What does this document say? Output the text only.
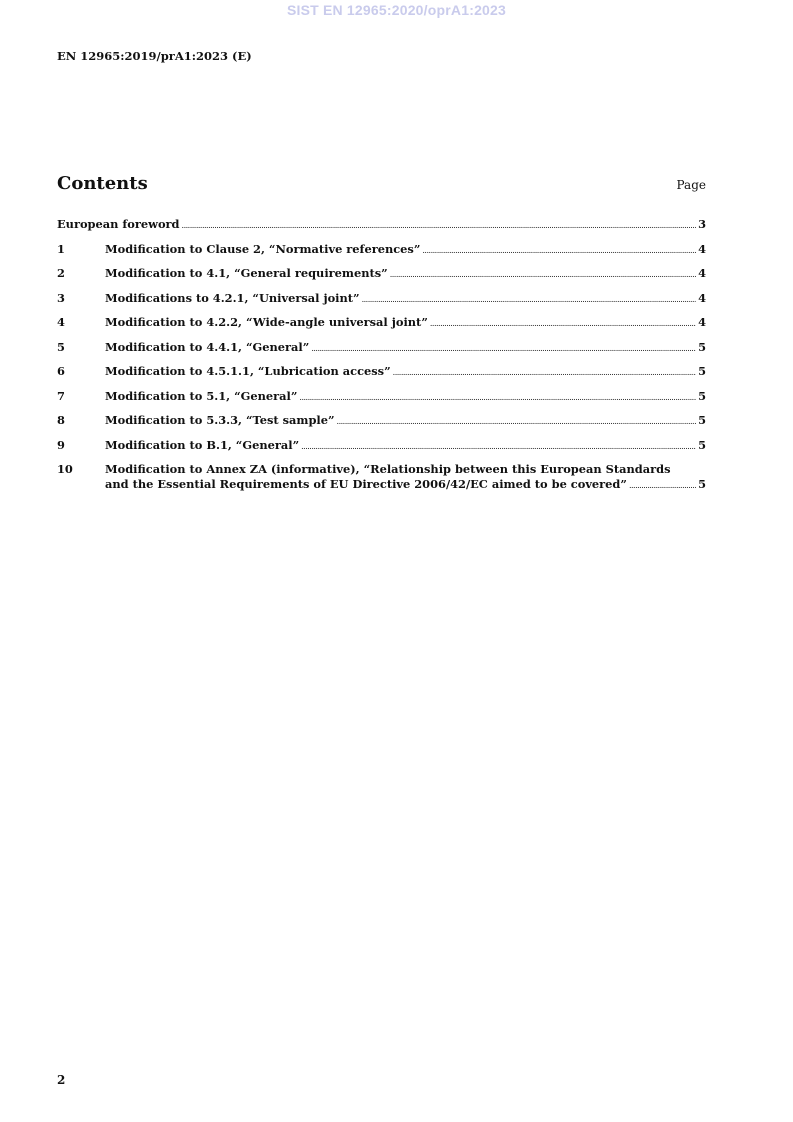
SIST EN 12965:2020/oprA1:2023
EN 12965:2019/prA1:2023 (E)
Contents	Page
European foreword .....	3
1	Modification to Clause 2, “Normative references” .....	4
2	Modification to 4.1, “General requirements” .....	4
3	Modifications to 4.2.1, “Universal joint” .....	4
4	Modification to 4.2.2, “Wide-angle universal joint” .....	4
5	Modification to 4.4.1, “General” .....	5
6	Modification to 4.5.1.1, “Lubrication access” .....	5
7	Modification to 5.1, “General” .....	5
8	Modification to 5.3.3, “Test sample” .....	5
9	Modification to B.1, “General” .....	5
10	Modification to Annex ZA (informative), “Relationship between this European Standards
and the Essential Requirements of EU Directive 2006/42/EC aimed to be covered” .....	5
2
